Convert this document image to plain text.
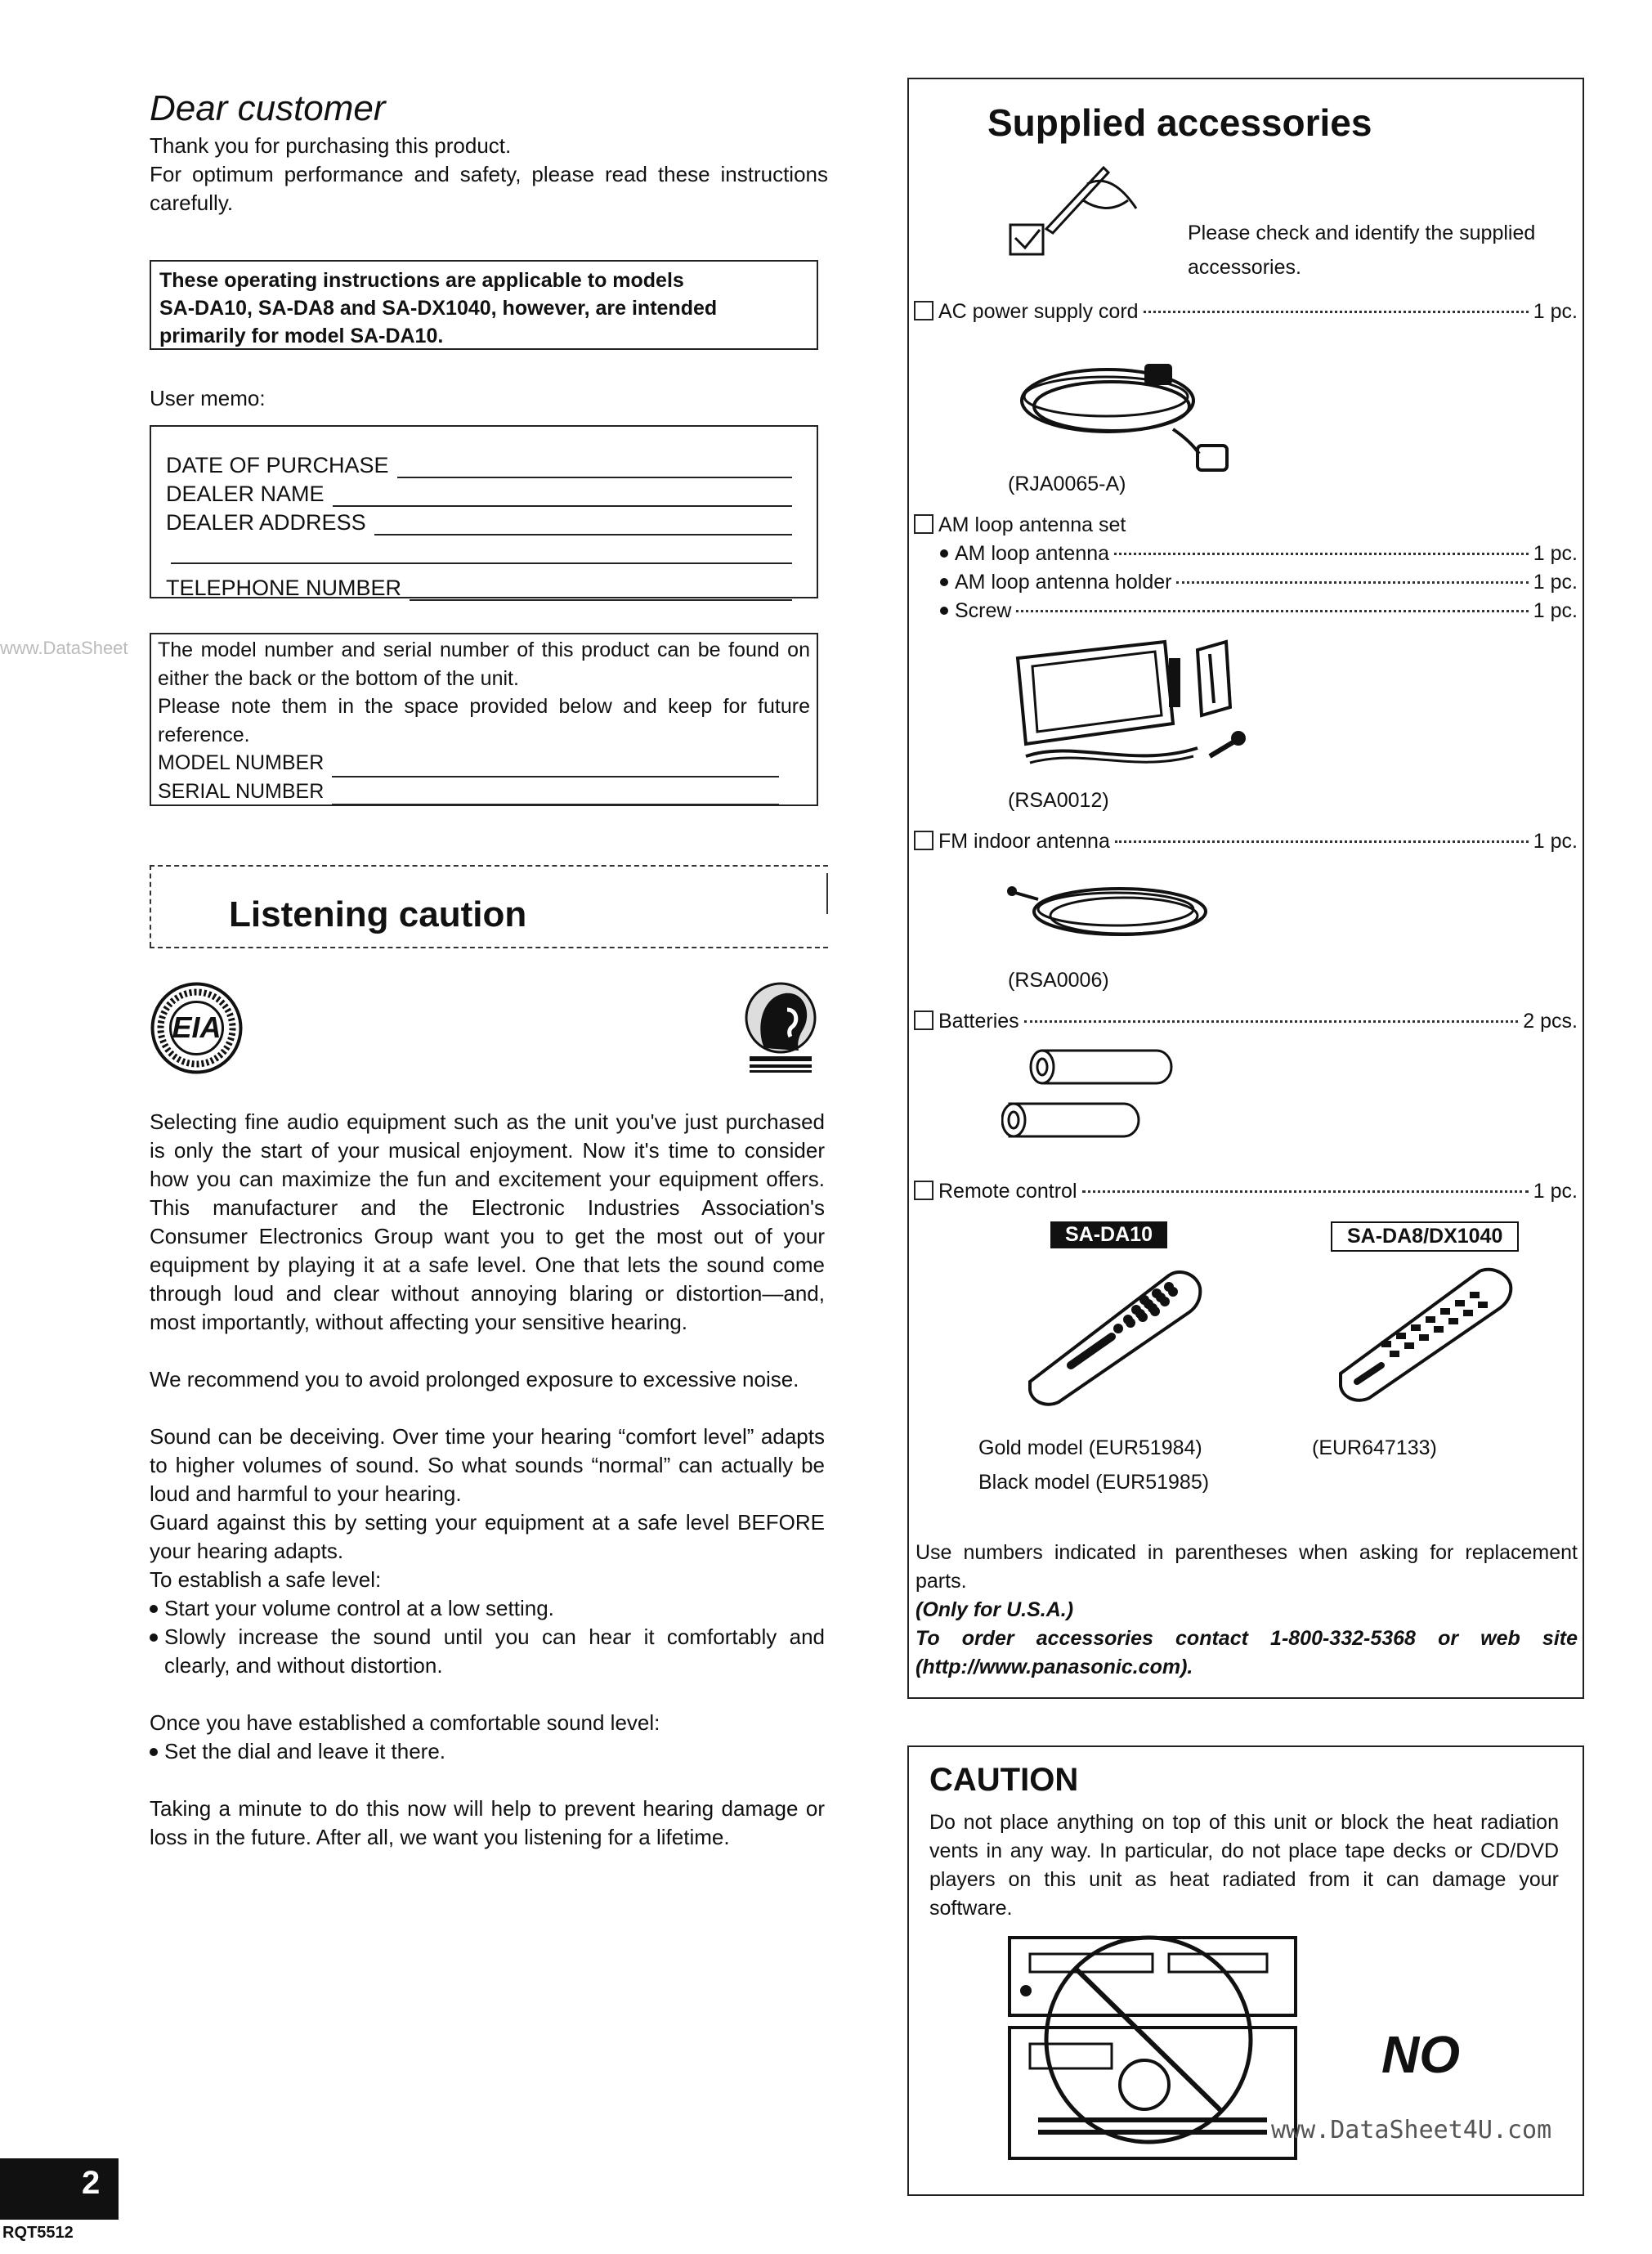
Dear customer
Thank you for purchasing this product.
For optimum performance and safety, please read these instructions carefully.
These operating instructions are applicable to models
SA-DA10, SA-DA8 and SA-DX1040, however, are intended
primarily for model SA-DA10.
User memo:
DATE OF PURCHASE
DEALER NAME
DEALER ADDRESS
TELEPHONE NUMBER
www.DataSheet The model number and serial number of this product can be found on either the back or the bottom of the unit.
Please note them in the space provided below and keep for future reference.
MODEL NUMBER
SERIAL NUMBER
Listening caution
EIA
Selecting fine audio equipment such as the unit you've just purchased is only the start of your musical enjoyment. Now it's time to consider how you can maximize the fun and excitement your equipment offers. This manufacturer and the Electronic Industries Association's Consumer Electronics Group want you to get the most out of your equipment by playing it at a safe level. One that lets the sound come through loud and clear without annoying blaring or distortion—and, most importantly, without affecting your sensitive hearing.
We recommend you to avoid prolonged exposure to excessive noise.
Sound can be deceiving. Over time your hearing “comfort level” adapts to higher volumes of sound. So what sounds “normal” can actually be loud and harmful to your hearing.
Guard against this by setting your equipment at a safe level BEFORE your hearing adapts.
To establish a safe level:
Start your volume control at a low setting.
Slowly increase the sound until you can hear it comfortably and clearly, and without distortion.
Once you have established a comfortable sound level:
Set the dial and leave it there.
Taking a minute to do this now will help to prevent hearing damage or loss in the future. After all, we want you listening for a lifetime.
Supplied accessories
Please check and identify the supplied accessories.
AC power supply cord	1 pc.
(RJA0065-A)
AM loop antenna set
AM loop antenna	1 pc.
AM loop antenna holder	1 pc.
Screw	1 pc.
(RSA0012)
FM indoor antenna	1 pc.
(RSA0006)
Batteries	2 pcs.
Remote control	1 pc.
SA-DA10	SA-DA8/DX1040
Gold model (EUR51984)
Black model (EUR51985)
(EUR647133)
Use numbers indicated in parentheses when asking for replacement parts.
(Only for U.S.A.)
To order accessories contact 1-800-332-5368 or web site (http://www.panasonic.com).
CAUTION
Do not place anything on top of this unit or block the heat radiation vents in any way. In particular, do not place tape decks or CD/DVD players on this unit as heat radiated from it can damage your software.
NO
www.DataSheet4U.com
2
RQT5512
